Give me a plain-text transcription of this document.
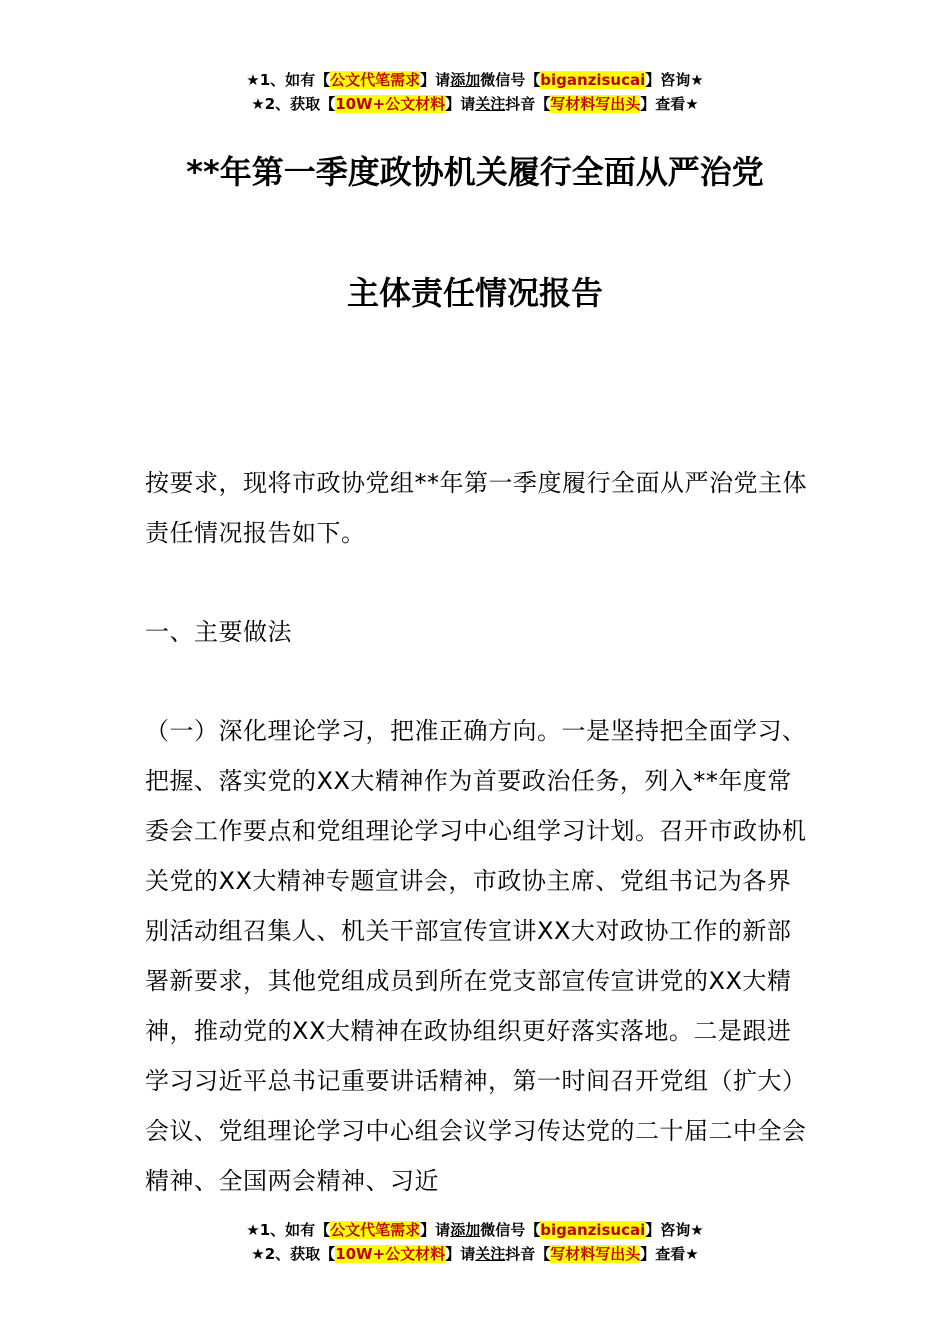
★1、如有【公文代笔需求】请添加微信号【biganzisucai】咨询★
★2、获取【10W+公文材料】请关注抖音【写材料写出头】查看★
**年第一季度政协机关履行全面从严治党
主体责任情况报告
按要求，现将市政协党组**年第一季度履行全面从严治党主体责任情况报告如下。
一、主要做法
（一）深化理论学习，把准正确方向。一是坚持把全面学习、把握、落实党的XX大精神作为首要政治任务，列入**年度常委会工作要点和党组理论学习中心组学习计划。召开市政协机关党的XX大精神专题宣讲会，市政协主席、党组书记为各界别活动组召集人、机关干部宣传宣讲XX大对政协工作的新部署新要求，其他党组成员到所在党支部宣传宣讲党的XX大精神，推动党的XX大精神在政协组织更好落实落地。二是跟进学习习近平总书记重要讲话精神，第一时间召开党组（扩大）会议、党组理论学习中心组会议学习传达党的二十届二中全会精神、全国两会精神、习近
★1、如有【公文代笔需求】请添加微信号【biganzisucai】咨询★
★2、获取【10W+公文材料】请关注抖音【写材料写出头】查看★
